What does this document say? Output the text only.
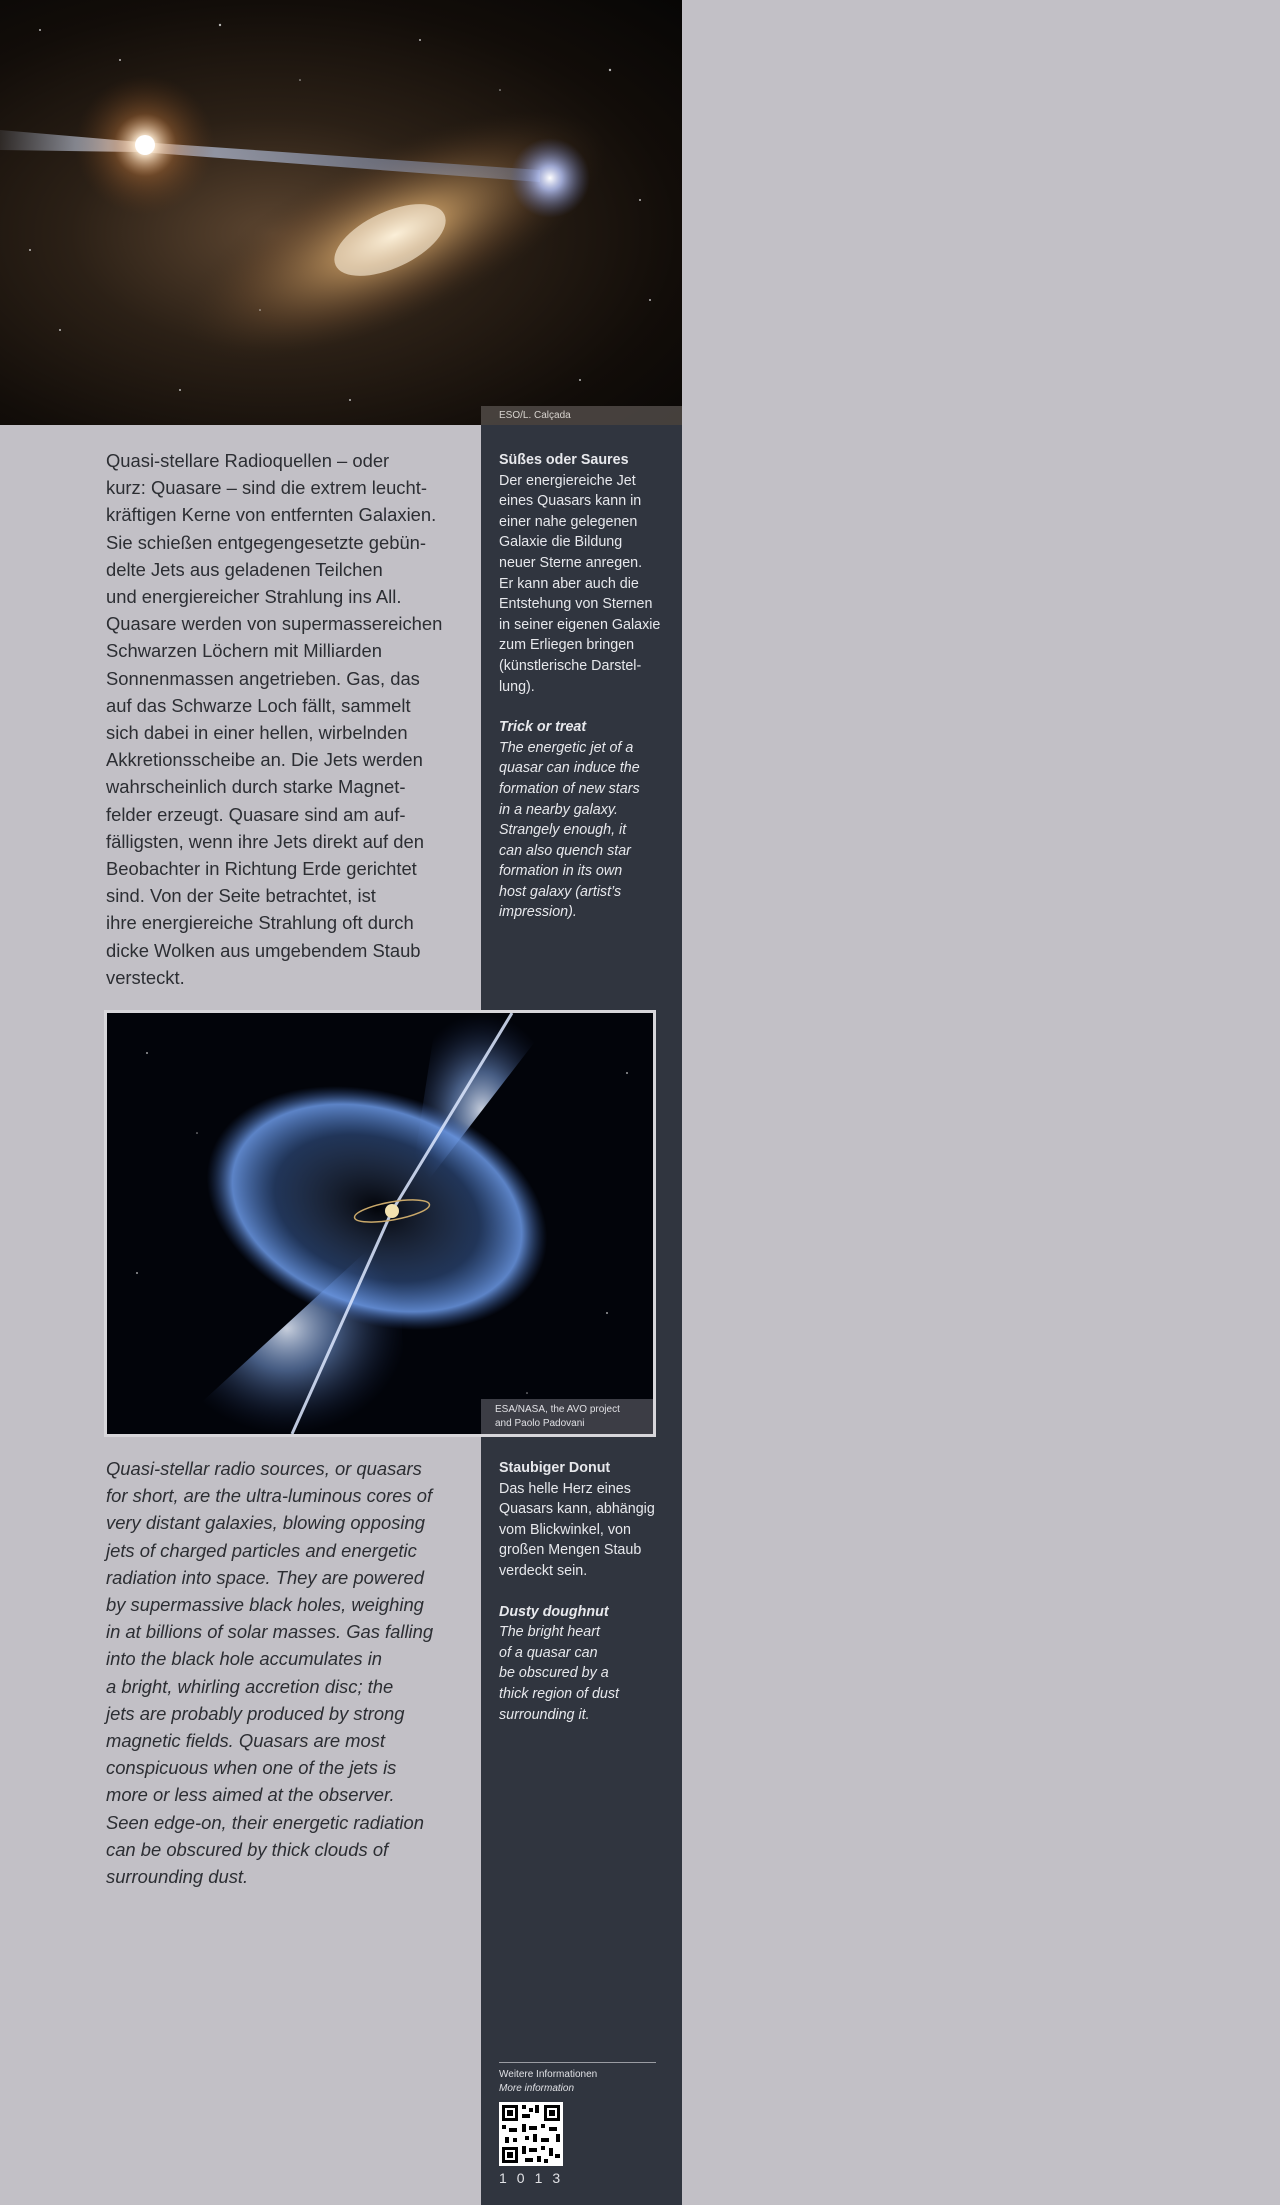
ESO/L. Calçada

Quasi-stellare Radioquellen – oder
kurz: Quasare – sind die extrem leucht-
kräftigen Kerne von entfernten Galaxien.
Sie schießen entgegengesetzte gebün-
delte Jets aus geladenen Teilchen
und energiereicher Strahlung ins All.
Quasare werden von supermassereichen
Schwarzen Löchern mit Milliarden
Sonnenmassen angetrieben. Gas, das
auf das Schwarze Loch fällt, sammelt
sich dabei in einer hellen, wirbelnden
Akkretionsscheibe an. Die Jets werden
wahrscheinlich durch starke Magnet-
felder erzeugt. Quasare sind am auf-
fälligsten, wenn ihre Jets direkt auf den
Beobachter in Richtung Erde gerichtet
sind. Von der Seite betrachtet, ist
ihre energiereiche Strahlung oft durch
dicke Wolken aus umgebendem Staub
versteckt.

Süßes oder Saures
Der energiereiche Jet
eines Quasars kann in
einer nahe gelegenen
Galaxie die Bildung
neuer Sterne anregen.
Er kann aber auch die
Entstehung von Sternen
in seiner eigenen Galaxie
zum Erliegen bringen
(künstlerische Darstel-
lung).
Trick or treat
The energetic jet of a
quasar can induce the
formation of new stars
in a nearby galaxy.
Strangely enough, it
can also quench star
formation in its own
host galaxy (artist’s
impression).
ESA/NASA, the AVO project
and Paolo Padovani

Quasi-stellar radio sources, or quasars
for short, are the ultra-luminous cores of
very distant galaxies, blowing opposing
jets of charged particles and energetic
radiation into space. They are powered
by supermassive black holes, weighing
in at billions of solar masses. Gas falling
into the black hole accumulates in
a bright, whirling accretion disc; the
jets are probably produced by strong
magnetic fields. Quasars are most
conspicuous when one of the jets is
more or less aimed at the observer.
Seen edge-on, their energetic radiation
can be obscured by thick clouds of
surrounding dust.

Staubiger Donut
Das helle Herz eines
Quasars kann, abhängig
vom Blickwinkel, von
großen Mengen Staub
verdeckt sein.
Dusty doughnut
The bright heart
of a quasar can
be obscured by a
thick region of dust
surrounding it.
Weitere Informationen
More information
1013
